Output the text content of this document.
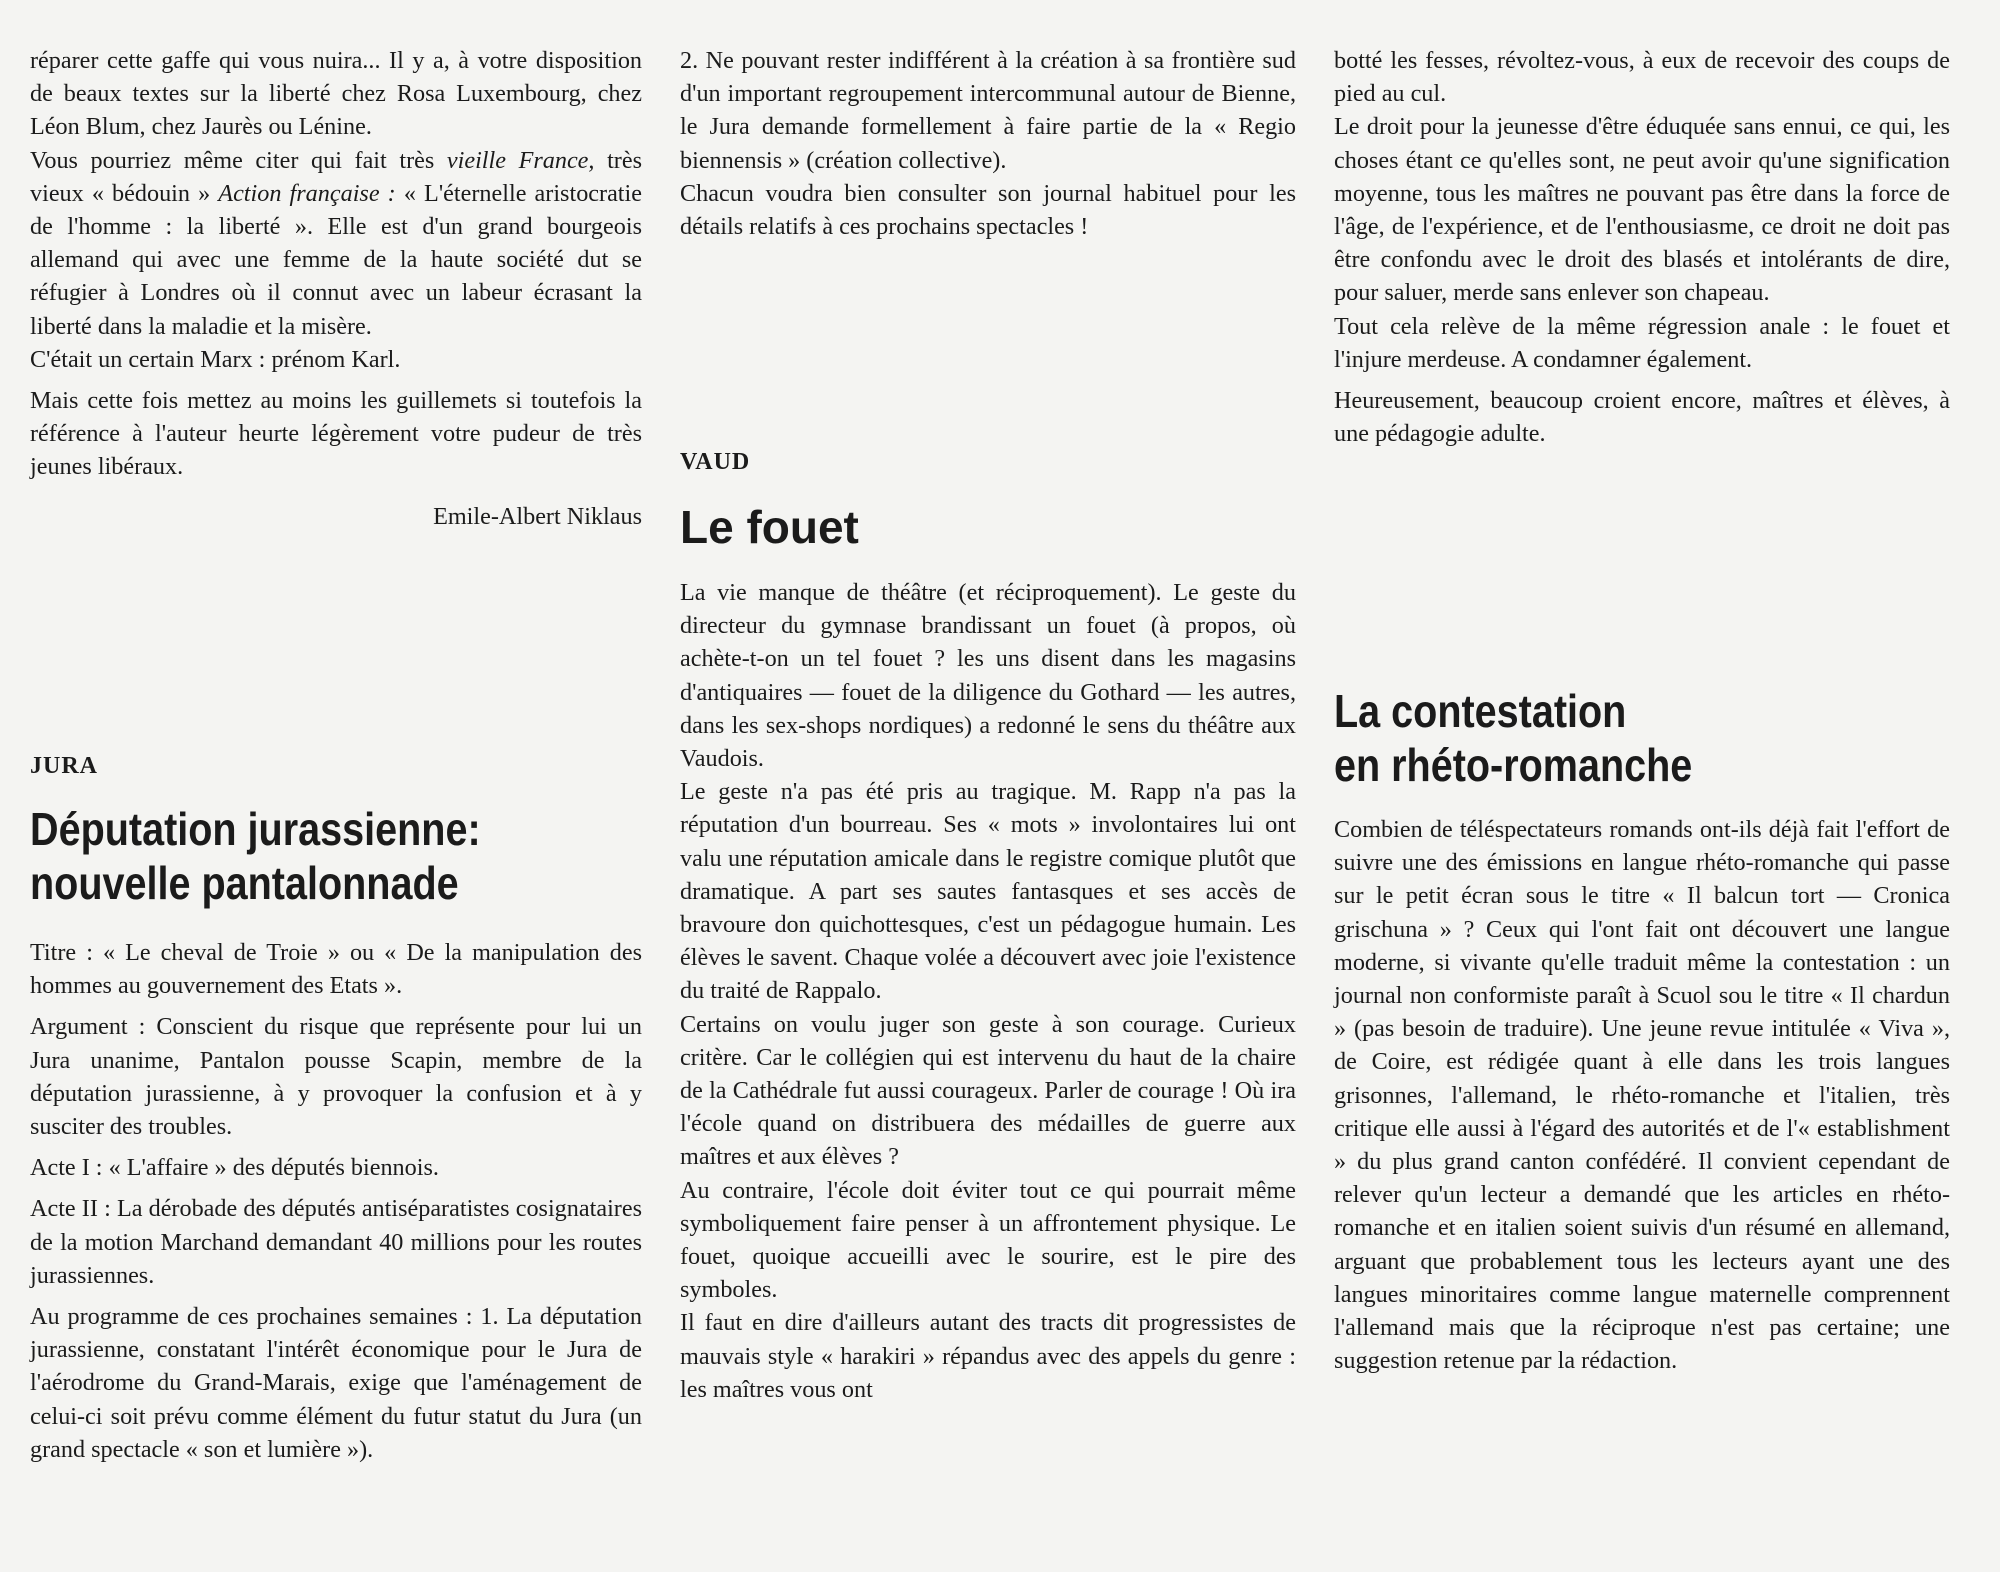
réparer cette gaffe qui vous nuira... Il y a, à votre disposition de beaux textes sur la liberté chez Rosa Luxembourg, chez Léon Blum, chez Jaurès ou Lénine.

Vous pourriez même citer qui fait très vieille France, très vieux « bédouin » Action française : « L'éternelle aristocratie de l'homme : la liberté ». Elle est d'un grand bourgeois allemand qui avec une femme de la haute société dut se réfugier à Londres où il connut avec un labeur écrasant la liberté dans la maladie et la misère.

C'était un certain Marx : prénom Karl.

Mais cette fois mettez au moins les guillemets si toutefois la référence à l'auteur heurte légèrement votre pudeur de très jeunes libéraux.

Emile-Albert Niklaus

JURA

Députation jurassienne:
nouvelle pantalonnade

Titre : « Le cheval de Troie » ou « De la manipulation des hommes au gouvernement des Etats ».

Argument : Conscient du risque que représente pour lui un Jura unanime, Pantalon pousse Scapin, membre de la députation jurassienne, à y provoquer la confusion et à y susciter des troubles.

Acte I : « L'affaire » des députés biennois.

Acte II : La dérobade des députés antiséparatistes cosignataires de la motion Marchand demandant 40 millions pour les routes jurassiennes.

Au programme de ces prochaines semaines : 1. La députation jurassienne, constatant l'intérêt économique pour le Jura de l'aérodrome du Grand-Marais, exige que l'aménagement de celui-ci soit prévu comme élément du futur statut du Jura (un grand spectacle « son et lumière »).

2. Ne pouvant rester indifférent à la création à sa frontière sud d'un important regroupement intercommunal autour de Bienne, le Jura demande formellement à faire partie de la « Regio biennensis » (création collective).

Chacun voudra bien consulter son journal habituel pour les détails relatifs à ces prochains spectacles !

VAUD

Le fouet

La vie manque de théâtre (et réciproquement). Le geste du directeur du gymnase brandissant un fouet (à propos, où achète-t-on un tel fouet ? les uns disent dans les magasins d'antiquaires — fouet de la diligence du Gothard — les autres, dans les sex-shops nordiques) a redonné le sens du théâtre aux Vaudois.

Le geste n'a pas été pris au tragique. M. Rapp n'a pas la réputation d'un bourreau. Ses « mots » involontaires lui ont valu une réputation amicale dans le registre comique plutôt que dramatique. A part ses sautes fantasques et ses accès de bravoure don quichottesques, c'est un pédagogue humain. Les élèves le savent. Chaque volée a découvert avec joie l'existence du traité de Rappalo.

Certains on voulu juger son geste à son courage. Curieux critère. Car le collégien qui est intervenu du haut de la chaire de la Cathédrale fut aussi courageux. Parler de courage ! Où ira l'école quand on distribuera des médailles de guerre aux maîtres et aux élèves ?

Au contraire, l'école doit éviter tout ce qui pourrait même symboliquement faire penser à un affrontement physique. Le fouet, quoique accueilli avec le sourire, est le pire des symboles.

Il faut en dire d'ailleurs autant des tracts dit progressistes de mauvais style « harakiri » répandus avec des appels du genre : les maîtres vous ont

botté les fesses, révoltez-vous, à eux de recevoir des coups de pied au cul.

Le droit pour la jeunesse d'être éduquée sans ennui, ce qui, les choses étant ce qu'elles sont, ne peut avoir qu'une signification moyenne, tous les maîtres ne pouvant pas être dans la force de l'âge, de l'expérience, et de l'enthousiasme, ce droit ne doit pas être confondu avec le droit des blasés et intolérants de dire, pour saluer, merde sans enlever son chapeau.

Tout cela relève de la même régression anale : le fouet et l'injure merdeuse. A condamner également.

Heureusement, beaucoup croient encore, maîtres et élèves, à une pédagogie adulte.

La contestation
en rhéto-romanche

Combien de téléspectateurs romands ont-ils déjà fait l'effort de suivre une des émissions en langue rhéto-romanche qui passe sur le petit écran sous le titre « Il balcun tort — Cronica grischuna » ? Ceux qui l'ont fait ont découvert une langue moderne, si vivante qu'elle traduit même la contestation : un journal non conformiste paraît à Scuol sou le titre « Il chardun » (pas besoin de traduire). Une jeune revue intitulée « Viva », de Coire, est rédigée quant à elle dans les trois langues grisonnes, l'allemand, le rhéto-romanche et l'italien, très critique elle aussi à l'égard des autorités et de l'« establishment » du plus grand canton confédéré. Il convient cependant de relever qu'un lecteur a demandé que les articles en rhéto-romanche et en italien soient suivis d'un résumé en allemand, arguant que probablement tous les lecteurs ayant une des langues minoritaires comme langue maternelle comprennent l'allemand mais que la réciproque n'est pas certaine; une suggestion retenue par la rédaction.
